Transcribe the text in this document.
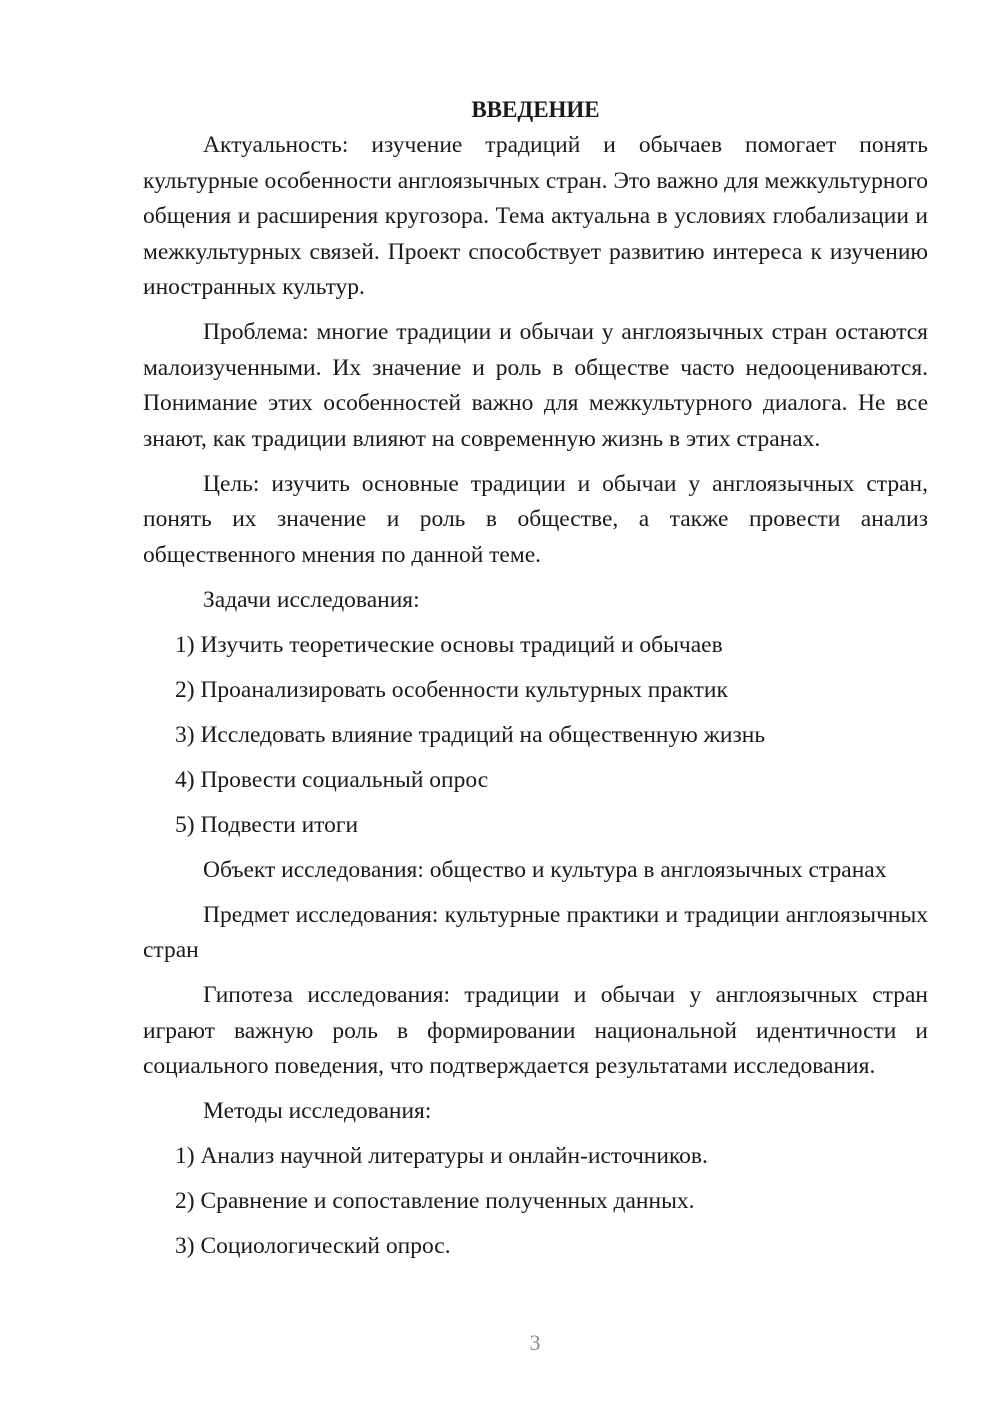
ВВЕДЕНИЕ

Актуальность: изучение традиций и обычаев помогает понять культурные особенности англоязычных стран. Это важно для межкультурного общения и расширения кругозора. Тема актуальна в условиях глобализации и межкультурных связей. Проект способствует развитию интереса к изучению иностранных культур.

Проблема: многие традиции и обычаи у англоязычных стран остаются малоизученными. Их значение и роль в обществе часто недооцениваются. Понимание этих особенностей важно для межкультурного диалога. Не все знают, как традиции влияют на современную жизнь в этих странах.

Цель: изучить основные традиции и обычаи у англоязычных стран, понять их значение и роль в обществе, а также провести анализ общественного мнения по данной теме.

Задачи исследования:

1) Изучить теоретические основы традиций и обычаев
2) Проанализировать особенности культурных практик
3) Исследовать влияние традиций на общественную жизнь
4) Провести социальный опрос
5) Подвести итоги

Объект исследования: общество и культура в англоязычных странах

Предмет исследования: культурные практики и традиции англоязычных стран

Гипотеза исследования: традиции и обычаи у англоязычных стран играют важную роль в формировании национальной идентичности и социального поведения, что подтверждается результатами исследования.

Методы исследования:

1) Анализ научной литературы и онлайн-источников.
2) Сравнение и сопоставление полученных данных.
3) Социологический опрос.
3
